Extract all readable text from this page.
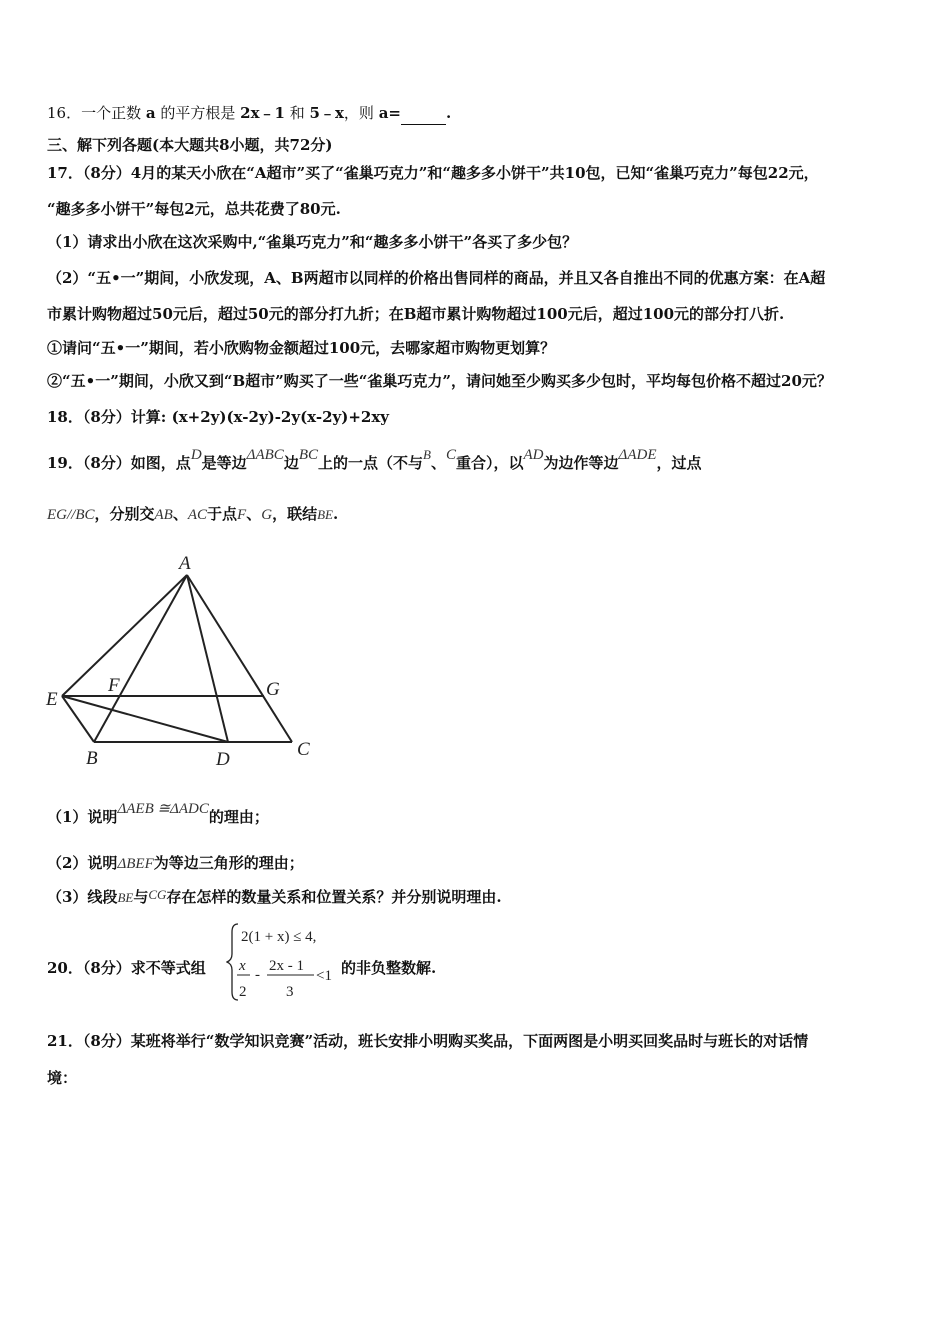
16．一个正数 a 的平方根是 2x﹣1 和 5﹣x，则 a=	.
三、解下列各题(本大题共8小题，共72分)
17．（8分）4月的某天小欣在“A超市”买了“雀巢巧克力”和“趣多多小饼干”共10包，已知“雀巢巧克力”每包22元，
“趣多多小饼干”每包2元，总共花费了80元.
（1）请求出小欣在这次采购中,“雀巢巧克力”和“趣多多小饼干”各买了多少包？
（2）“五•一”期间，小欣发现，A、B两超市以同样的价格出售同样的商品，并且又各自推出不同的优惠方案：在A超
市累计购物超过50元后，超过50元的部分打九折；在B超市累计购物超过100元后，超过100元的部分打八折.
①请问“五•一”期间，若小欣购物金额超过100元，去哪家超市购物更划算？
②“五•一”期间，小欣又到“B超市”购买了一些“雀巢巧克力”，请问她至少购买多少包时，平均每包价格不超过20元？
18．（8分）计算: (x+2y)(x-2y)-2y(x-2y)+2xy
19．（8分）如图，点D是等边ΔABC边BC上的一点（不与B、C重合），以AD为边作等边ΔADE，过点
EG//BC，分别交AB、AC于点F、G，联结BE.
A
E
F	G
B	D	C
（1）说明ΔAEB ≅ΔADC的理由；
（2）说明ΔBEF为等边三角形的理由；
（3）线段BE与CG存在怎样的数量关系和位置关系？并分别说明理由.
20．（8分）求不等式组
2(1 + x) ≤ 4,
x
2
-
2x - 1
3
<1 的非负整数解.
21．（8分）某班将举行“数学知识竞赛”活动，班长安排小明购买奖品，下面两图是小明买回奖品时与班长的对话情
境：
